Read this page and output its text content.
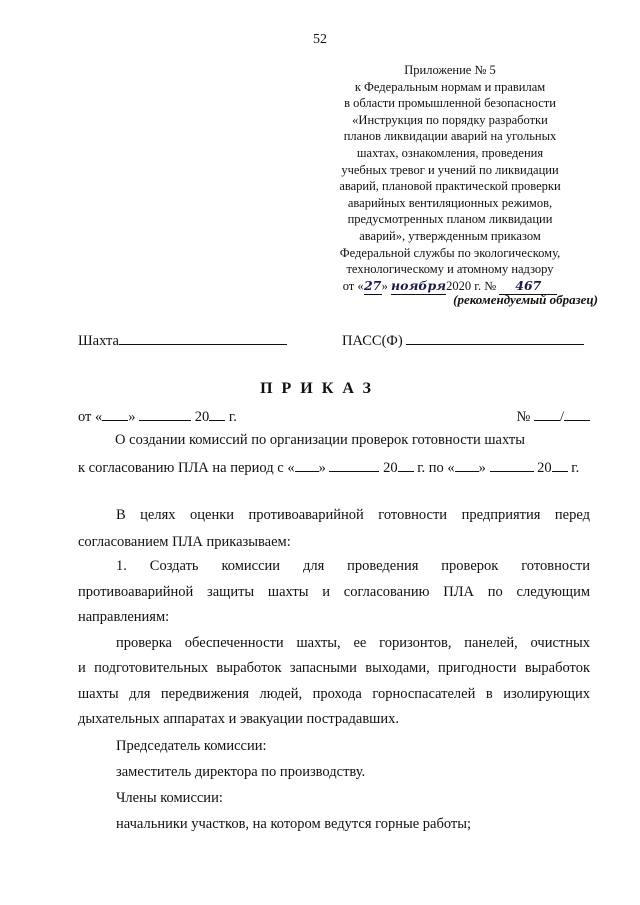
52
Приложение № 5
к Федеральным нормам и правилам
в области промышленной безопасности
«Инструкция по порядку разработки
планов ликвидации аварий на угольных
шахтах, ознакомления, проведения
учебных тревог и учений по ликвидации
аварий, плановой практической проверки
аварийных вентиляционных режимов,
предусмотренных планом ликвидации
аварий», утвержденным приказом
Федеральной службы по экологическому,
технологическому и атомному надзору
от «27» ноября2020 г. № 467
(рекомендуемый образец)
Шахта	ПАСС(Ф)
ПРИКАЗ
от « »	20 г.	№ /
О создании комиссий по организации проверок готовности шахты
к согласованию ПЛА на период с « »	20 г. по « »	20 г.
В целях оценки противоаварийной готовности предприятия перед
согласованием ПЛА приказываем:
1. Создать комиссии для проведения проверок готовности
противоаварийной защиты шахты и согласованию ПЛА по следующим
направлениям:
проверка обеспеченности шахты, ее горизонтов, панелей, очистных
и подготовительных выработок запасными выходами, пригодности выработок
шахты для передвижения людей, прохода горноспасателей в изолирующих
дыхательных аппаратах и эвакуации пострадавших.
Председатель комиссии:
заместитель директора по производству.
Члены комиссии:
начальники участков, на котором ведутся горные работы;
